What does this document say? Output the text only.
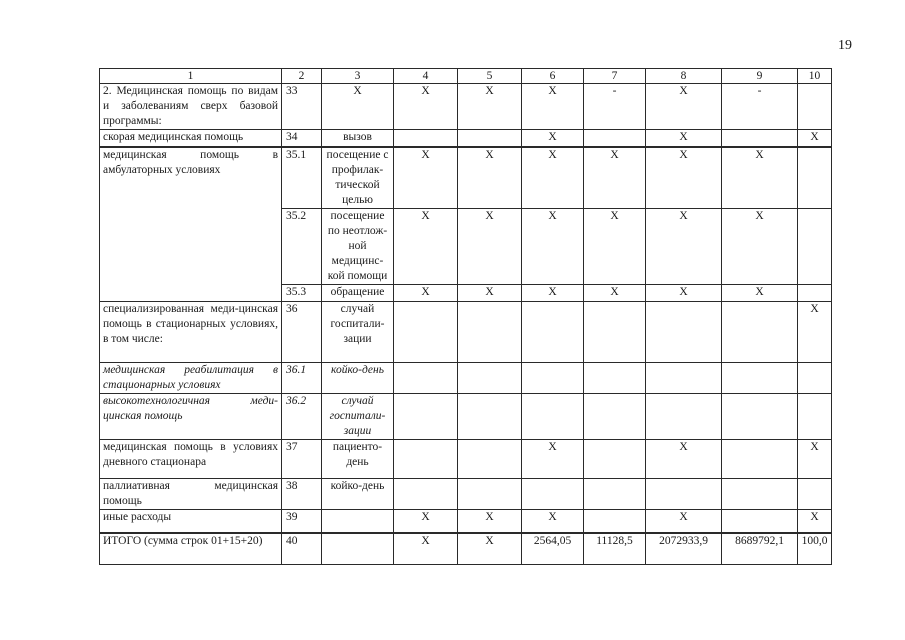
19
1	2	3	4	5	6	7	8	9	10
2. Медицинская помощь по видам и заболеваниям сверх базовой программы:	33	Х	Х	Х	Х	-	Х	-	
скорая медицинская помощь	34	вызов			Х		Х		Х
медицинская помощь в амбулаторных условиях	35.1	посещение с профилак-тической целью	Х	Х	Х	Х	Х	Х	
	35.2	посещение по неотлож-ной медицинс-кой помощи	Х	Х	Х	Х	Х	Х	
	35.3	обращение	Х	Х	Х	Х	Х	Х	
специализированная меди-цинская помощь в стационарных условиях, в том числе:	36	случай госпитали-зации							Х
медицинская реабилитация в стационарных условиях	36.1	койко-день							
высокотехнологичная меди-цинская помощь	36.2	случай госпитали-зации							
медицинская помощь в условиях дневного стационара	37	пациенто-день			Х		Х		Х
паллиативная медицинская помощь	38	койко-день							
иные расходы	39		Х	Х	Х		Х		Х
ИТОГО (сумма строк 01+15+20)	40		Х	Х	2564,05	11128,5	2072933,9	8689792,1	100,0
